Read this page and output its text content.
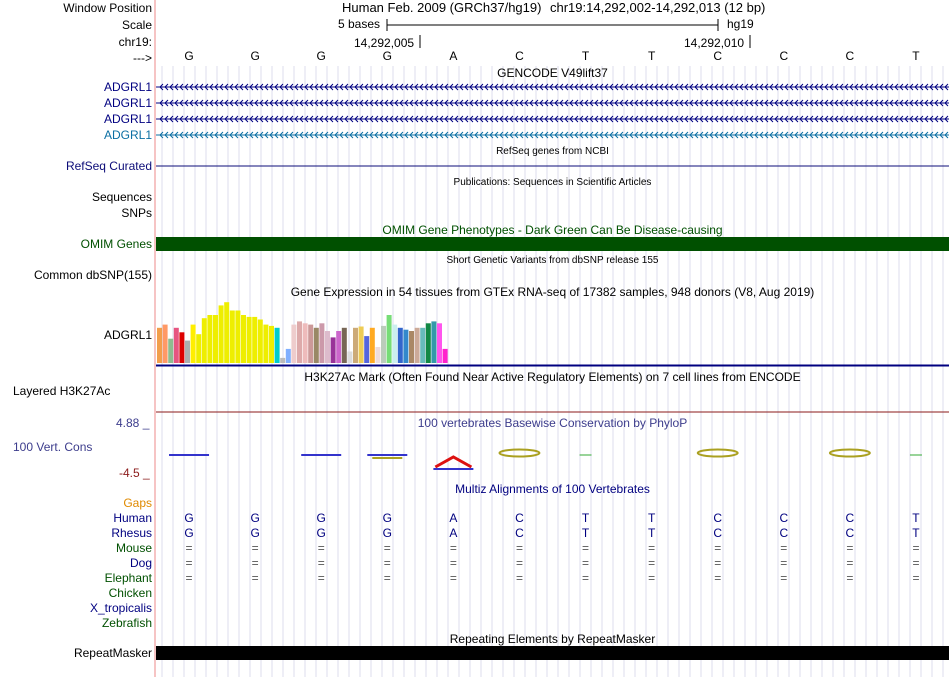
Window Position
Scale
chr19:
--->
Human Feb. 2009 (GRCh37/hg19) chr19:14,292,002-14,292,013 (12 bp)
5 bases	hg19
14,292,005	14,292,010
G	G	G	G	A	C	T	T	C	C	C	T
GENCODE V49lift37
ADGRL1
ADGRL1
ADGRL1
ADGRL1
RefSeq genes from NCBI
RefSeq Curated
Publications: Sequences in Scientific Articles
Sequences
SNPs
OMIM Gene Phenotypes - Dark Green Can Be Disease-causing
OMIM Genes
Short Genetic Variants from dbSNP release 155
Common dbSNP(155)
Gene Expression in 54 tissues from GTEx RNA-seq of 17382 samples, 948 donors (V8, Aug 2019)
ADGRL1
H3K27Ac Mark (Often Found Near Active Regulatory Elements) on 7 cell lines from ENCODE
Layered H3K27Ac
100 vertebrates Basewise Conservation by PhyloP
4.88 _
100 Vert. Cons
-4.5 _
Multiz Alignments of 100 Vertebrates
Gaps
Human	G	G	G	G	A	C	T	T	C	C	C	T
Rhesus	G	G	G	G	A	C	T	T	C	C	C	T
Mouse	=	=	=	=	=	=	=	=	=	=	=	=
Dog	=	=	=	=	=	=	=	=	=	=	=	=
Elephant	=	=	=	=	=	=	=	=	=	=	=	=
Chicken
X_tropicalis
Zebrafish
Repeating Elements by RepeatMasker
RepeatMasker
